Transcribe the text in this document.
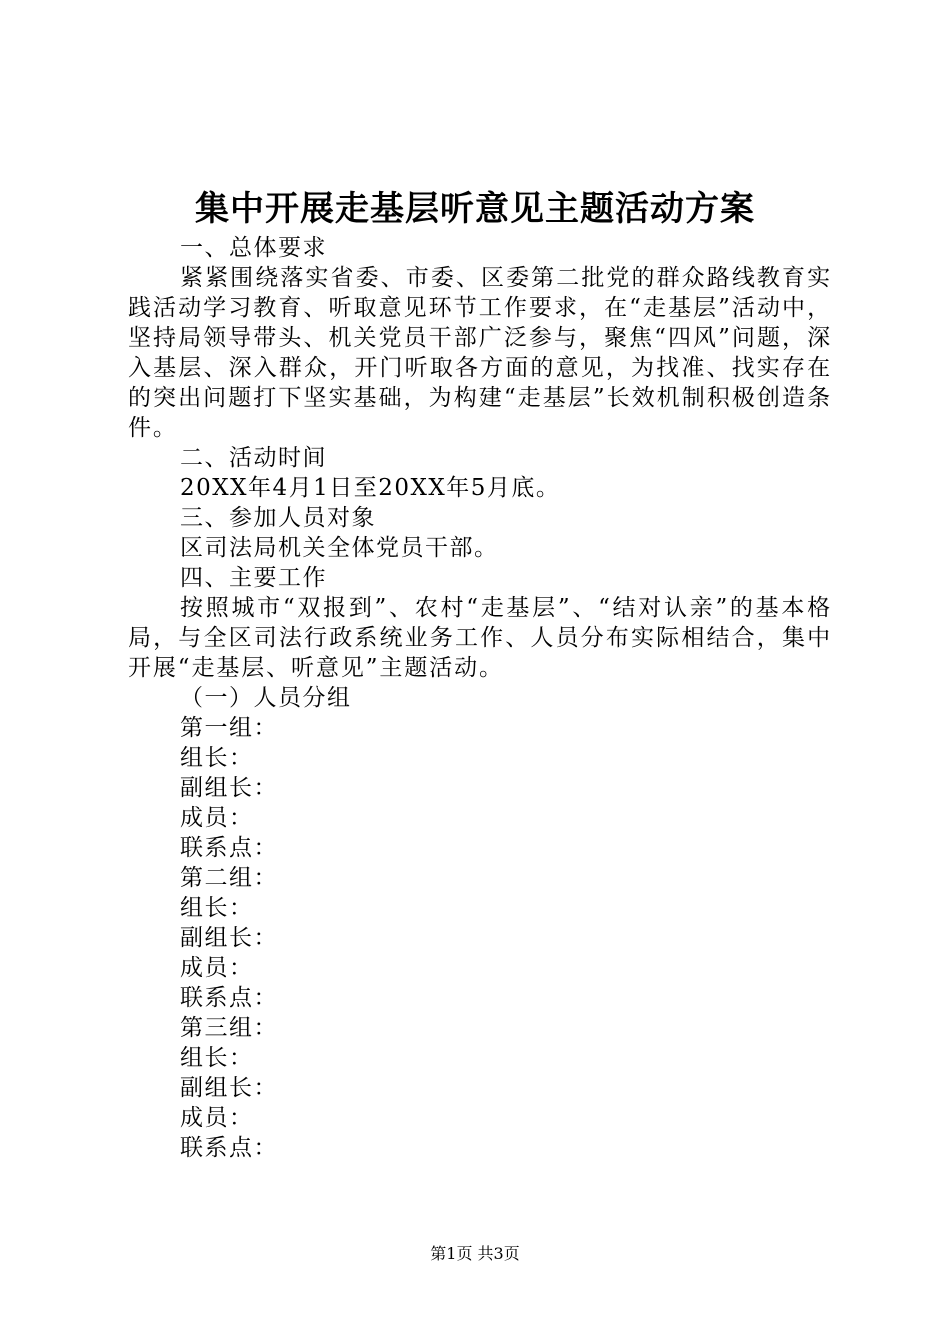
集中开展走基层听意见主题活动方案
一、总体要求
紧紧围绕落实省委、市委、区委第二批党的群众路线教育实践活动学习教育、听取意见环节工作要求，在“走基层”活动中，坚持局领导带头、机关党员干部广泛参与，聚焦“四风”问题，深入基层、深入群众，开门听取各方面的意见，为找准、找实存在的突出问题打下坚实基础，为构建“走基层”长效机制积极创造条件。
二、活动时间
20XX年4月1日至20XX年5月底。
三、参加人员对象
区司法局机关全体党员干部。
四、主要工作
按照城市“双报到”、农村“走基层”、“结对认亲”的基本格局，与全区司法行政系统业务工作、人员分布实际相结合，集中开展“走基层、听意见”主题活动。
（一）人员分组
第一组：
组长：
副组长：
成员：
联系点：
第二组：
组长：
副组长：
成员：
联系点：
第三组：
组长：
副组长：
成员：
联系点：
第1页 共3页
